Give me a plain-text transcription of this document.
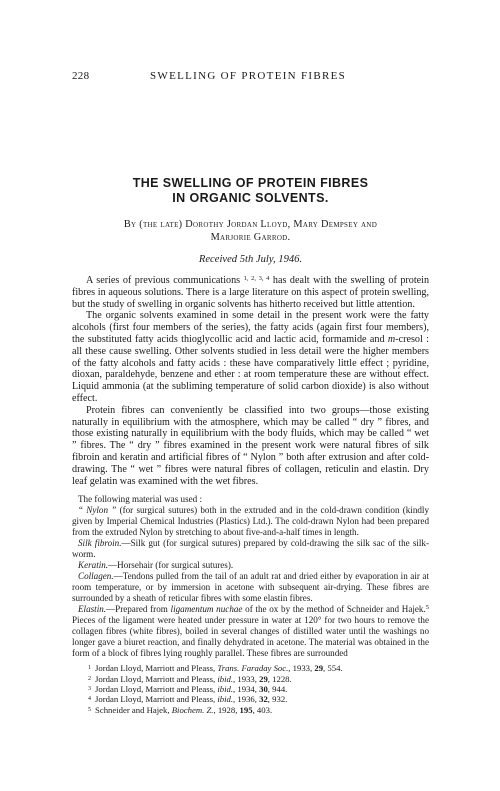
228	SWELLING OF PROTEIN FIBRES
THE SWELLING OF PROTEIN FIBRES
IN ORGANIC SOLVENTS.
By (the late) Dorothy Jordan Lloyd, Mary Dempsey and
Marjorie Garrod.
Received 5th July, 1946.

A series of previous communications $^{1, 2, 3, 4}$ has dealt with the swelling of protein fibres in aqueous solutions. There is a large literature on this aspect of protein swelling, but the study of swelling in organic solvents has hitherto received but little attention.

The organic solvents examined in some detail in the present work were the fatty alcohols (first four members of the series), the fatty acids (again first four members), the substituted fatty acids thioglycollic acid and lactic acid, formamide and m-cresol : all these cause swelling. Other solvents studied in less detail were the higher members of the fatty alcohols and fatty acids : these have comparatively little effect ; pyridine, dioxan, paraldehyde, benzene and ether : at room temperature these are without effect. Liquid ammonia (at the subliming temperature of solid carbon dioxide) is also without effect.

Protein fibres can conveniently be classified into two groups—those existing naturally in equilibrium with the atmosphere, which may be called “ dry ” fibres, and those existing naturally in equilibrium with the body fluids, which may be called “ wet ” fibres. The “ dry ” fibres examined in the present work were natural fibres of silk fibroin and keratin and artificial fibres of “ Nylon ” both after extrusion and after cold-drawing. The “ wet ” fibres were natural fibres of collagen, reticulin and elastin. Dry leaf gelatin was examined with the wet fibres.

The following material was used :

“ Nylon ” (for surgical sutures) both in the extruded and in the cold-drawn condition (kindly given by Imperial Chemical Industries (Plastics) Ltd.). The cold-drawn Nylon had been prepared from the extruded Nylon by stretching to about five-and-a-half times in length.

Silk fibroin.—Silk gut (for surgical sutures) prepared by cold-drawing the silk sac of the silk-worm.

Keratin.—Horsehair (for surgical sutures).

Collagen.—Tendons pulled from the tail of an adult rat and dried either by evaporation in air at room temperature, or by immersion in acetone with subsequent air-drying. These fibres are surrounded by a sheath of reticular fibres with some elastin fibres.

Elastin.—Prepared from ligamentum nuchae of the ox by the method of Schneider and Hajek.$^5$ Pieces of the ligament were heated under pressure in water at 120° for two hours to remove the collagen fibres (white fibres), boiled in several changes of distilled water until the washings no longer gave a biuret reaction, and finally dehydrated in acetone. The material was obtained in the form of a block of fibres lying roughly parallel. These fibres are surrounded

1 Jordan Lloyd, Marriott and Pleass, Trans. Faraday Soc., 1933, 29, 554.
2 Jordan Lloyd, Marriott and Pleass, ibid., 1933, 29, 1228.
3 Jordan Lloyd, Marriott and Pleass, ibid., 1934, 30, 944.
4 Jordan Lloyd, Marriott and Pleass, ibid., 1936, 32, 932.
5 Schneider and Hajek, Biochem. Z., 1928, 195, 403.
